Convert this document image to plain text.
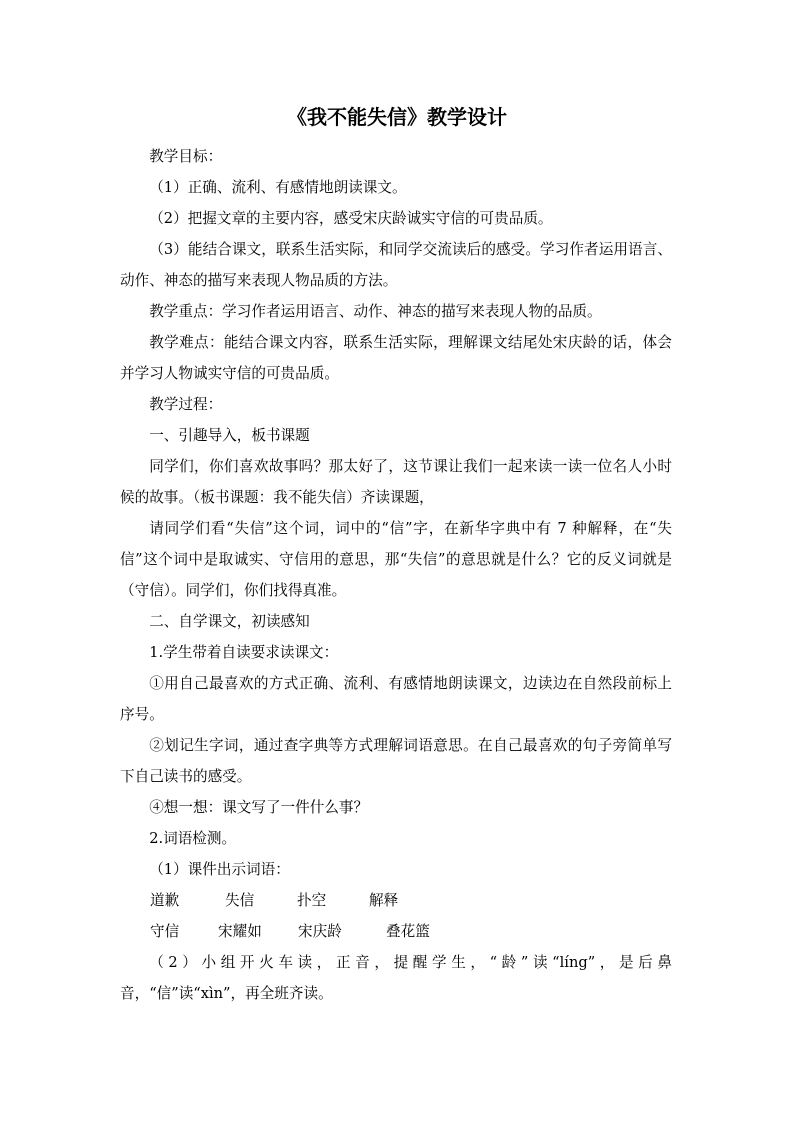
《我不能失信》教学设计

教学目标：

（1）正确、流利、有感情地朗读课文。

（2）把握文章的主要内容，感受宋庆龄诚实守信的可贵品质。

（3）能结合课文，联系生活实际，和同学交流读后的感受。学习作者运用语言、动作、神态的描写来表现人物品质的方法。

教学重点：学习作者运用语言、动作、神态的描写来表现人物的品质。

教学难点：能结合课文内容，联系生活实际，理解课文结尾处宋庆龄的话，体会并学习人物诚实守信的可贵品质。

教学过程：

一、引趣导入，板书课题

同学们，你们喜欢故事吗？那太好了，这节课让我们一起来读一读一位名人小时候的故事。（板书课题：我不能失信）齐读课题，

请同学们看“失信”这个词，词中的“信”字，在新华字典中有 7 种解释，在“失信”这个词中是取诚实、守信用的意思，那“失信”的意思就是什么？它的反义词就是（守信）。同学们，你们找得真准。

二、自学课文，初读感知

1.学生带着自读要求读课文：

①用自己最喜欢的方式正确、流利、有感情地朗读课文，边读边在自然段前标上序号。

②划记生字词，通过查字典等方式理解词语意思。在自己最喜欢的句子旁简单写下自己读书的感受。

④想一想：课文写了一件什么事？

2.词语检测。

（1）课件出示词语：

道歉	失信	扑空	解释
守信	宋耀如	宋庆龄	叠花篮

（2）小组开火车读，正音，提醒学生，“龄”读“líng”，是后鼻音，“信”读“xìn”，再全班齐读。
